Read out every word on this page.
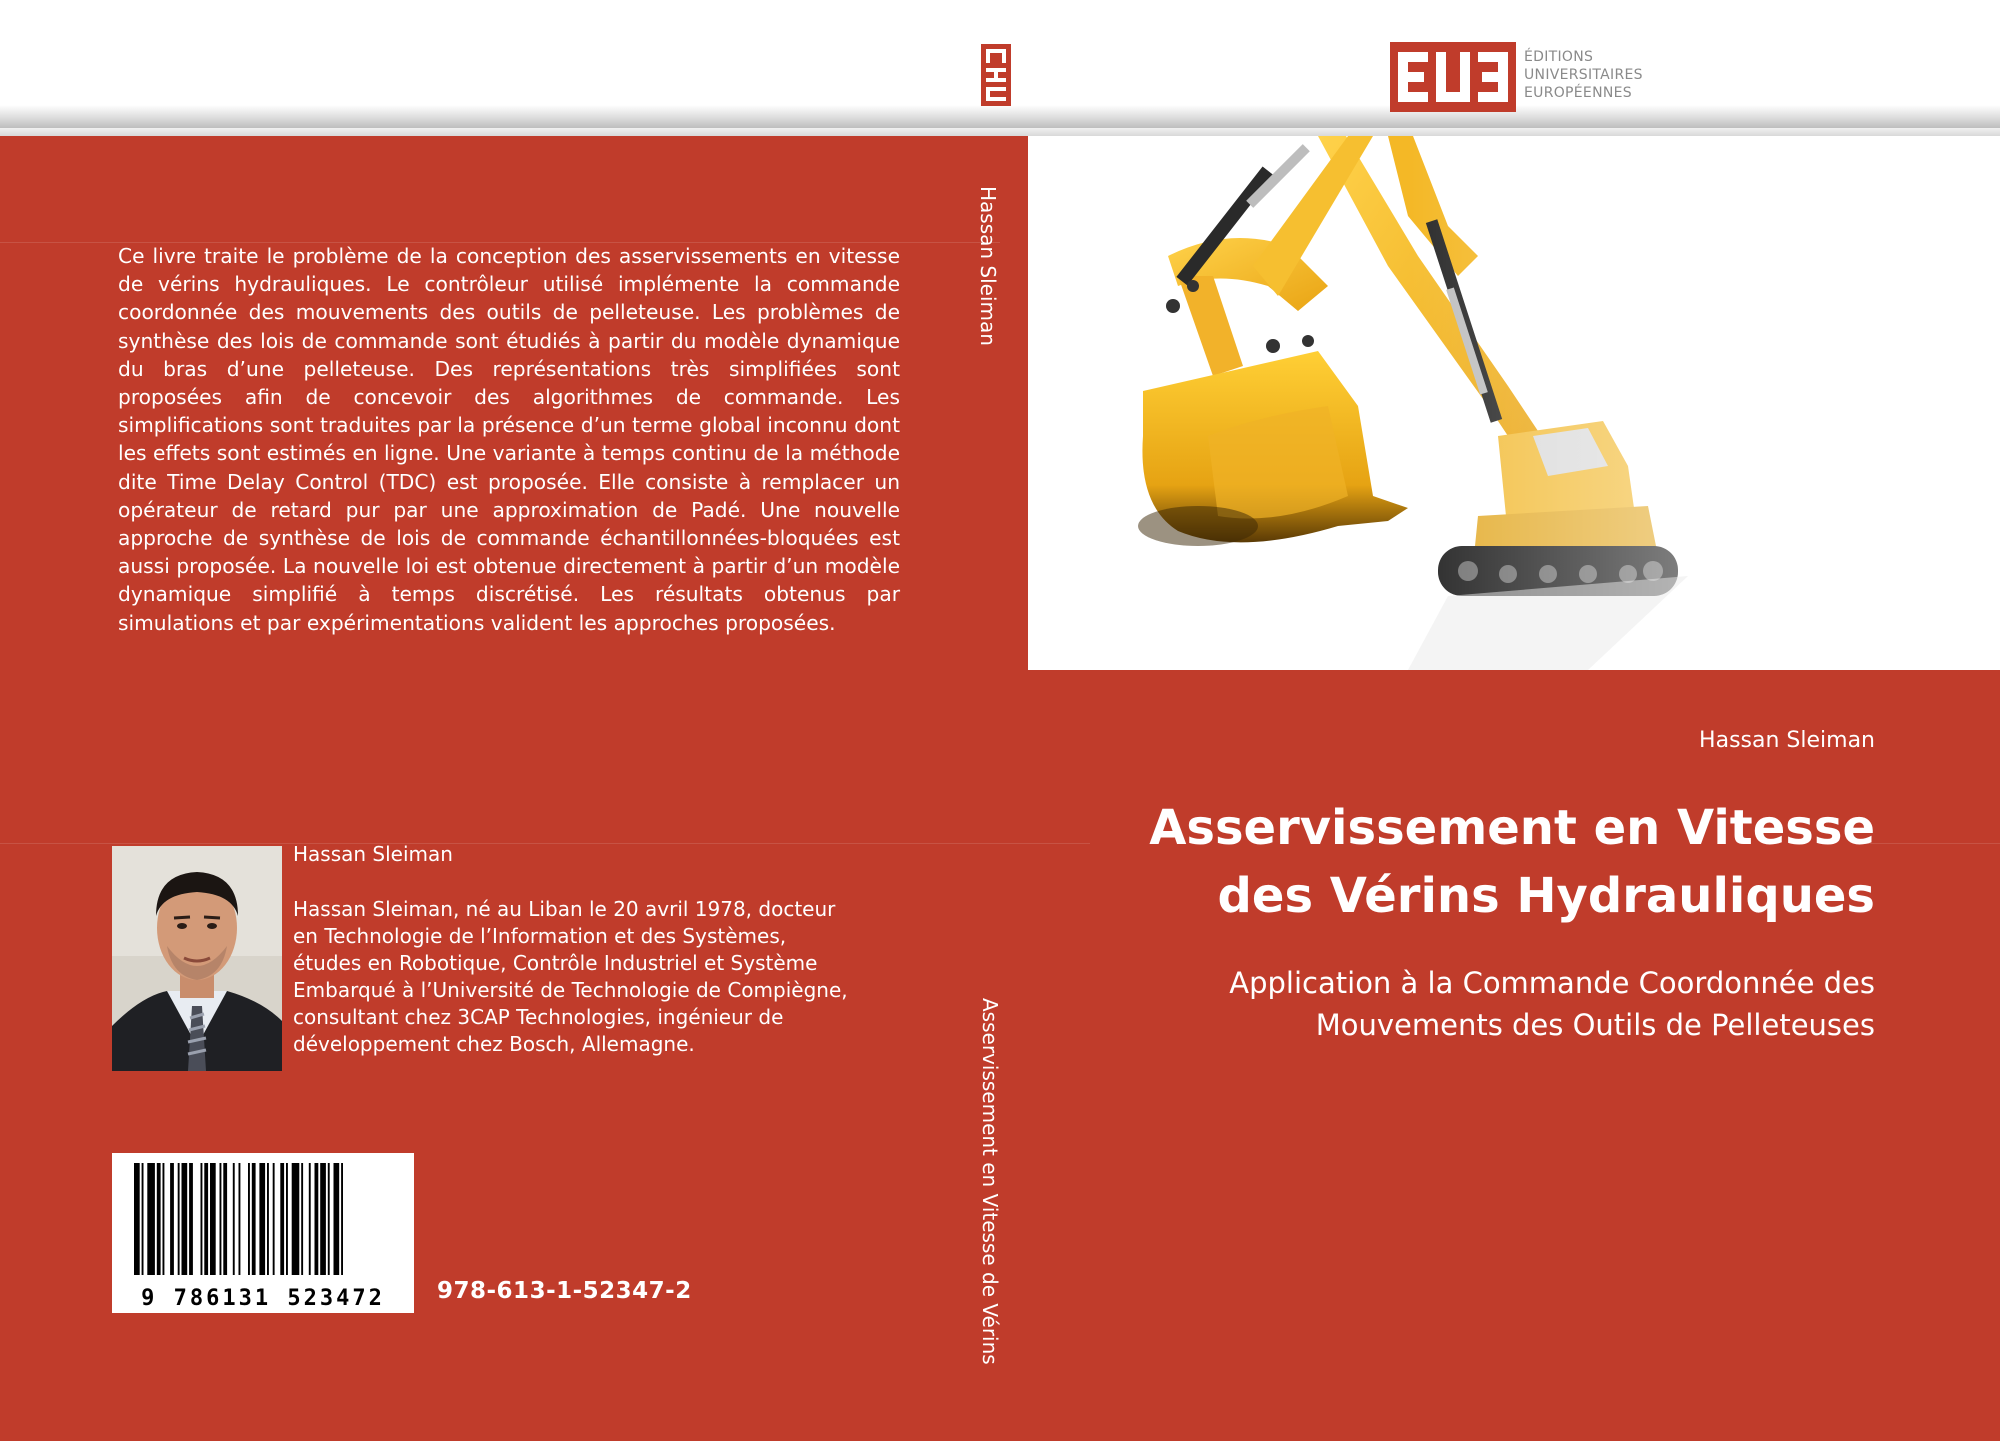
ÉDITIONS
UNIVERSITAIRES
EUROPÉENNES
Ce livre traite le problème de la conception des asservissements en vitesse de vérins hydrauliques. Le contrôleur utilisé implémente la commande coordonnée des mouvements des outils de pelleteuse. Les problèmes de synthèse des lois de commande sont étudiés à partir du modèle dynamique du bras d’une pelleteuse. Des représentations très simplifiées sont proposées afin de concevoir des algorithmes de commande. Les simplifications sont traduites par la présence d’un terme global inconnu dont les effets sont estimés en ligne. Une variante à temps continu de la méthode dite Time Delay Control (TDC) est proposée. Elle consiste à remplacer un opérateur de retard pur par une approximation de Padé. Une nouvelle approche de synthèse de lois de commande échantillonnées-bloquées est aussi proposée. La nouvelle loi est obtenue directement à partir d’un modèle dynamique simplifié à temps discrétisé. Les résultats obtenus par simulations et par expérimentations valident les approches proposées.
Hassan Sleiman
Hassan Sleiman, né au Liban le 20 avril 1978, docteur en Technologie de l’Information et des Systèmes, études en Robotique, Contrôle Industriel et Système Embarqué à l’Université de Technologie de Compiègne, consultant chez 3CAP Technologies, ingénieur de développement chez Bosch, Allemagne.
9 786131 523472 978-613-1-52347-2
Hassan Sleiman
Asservissement en Vitesse de Vérins
Hassan Sleiman
Asservissement en Vitesse
des Vérins Hydrauliques
Application à la Commande Coordonnée des
Mouvements des Outils de Pelleteuses
